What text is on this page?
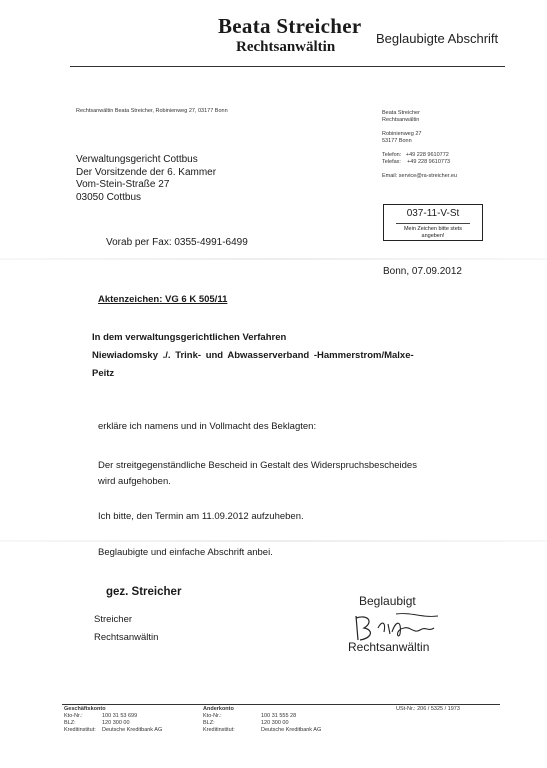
Beata Streicher
Rechtsanwältin
Beglaubigte Abschrift
Rechtsanwältin Beata Streicher, Robinienweg 27, 03177 Bonn
Verwaltungsgericht Cottbus
Der Vorsitzende der 6. Kammer
Vom-Stein-Straße 27
03050 Cottbus
Beata Streicher
Rechtsanwältin
Robinienweg 27
53177 Bonn
Telefon: +49 228 9610772
Telefax: +49 228 9610773
Email: service@ra-streicher.eu
037-11-V-St
Mein Zeichen bitte stets angeben!
Vorab per Fax: 0355-4991-6499
Bonn, 07.09.2012
Aktenzeichen: VG 6 K 505/11
In dem verwaltungsgerichtlichen Verfahren
Niewiadomsky ./. Trink- und Abwasserverband -Hammerstrom/Malxe-
Peitz
erkläre ich namens und in Vollmacht des Beklagten:
Der streitgegenständliche Bescheid in Gestalt des Widerspruchsbescheides
wird aufgehoben.
Ich bitte, den Termin am 11.09.2012 aufzuheben.
Beglaubigte und einfache Abschrift anbei.
gez. Streicher
Streicher
Rechtsanwältin
Beglaubigt
Rechtsanwältin
Geschäftskonto
Kto-Nr.:	100 31 53 699
BLZ:	120 300 00
Kreditinstitut:	Deutsche Kreditbank AG
Anderkonto
Kto-Nr.:	100 31 555 28
BLZ:	120 300 00
Kreditinstitut:	Deutsche Kreditbank AG
USt-Nr.: 206 / 5325 / 1973
